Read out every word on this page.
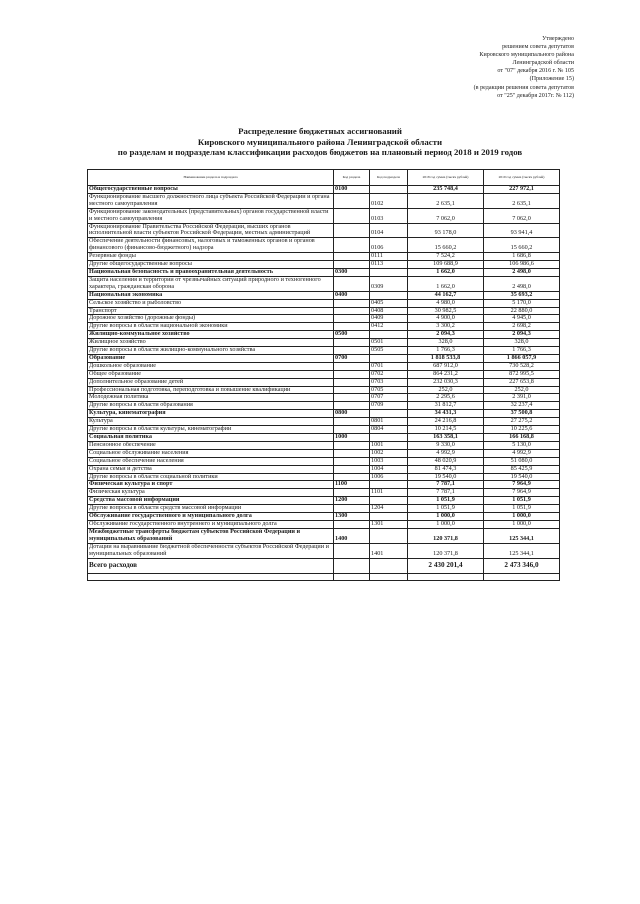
Утверждено
решением совета депутатов
Кировского муниципального района
Ленинградской области
от "07" декабря 2016 г. № 105
(Приложение 15)
(в редакции решения совета депутатов
от "25" декабря 2017г. № 112)
Распределение бюджетных ассигнований
Кировского муниципального района Ленинградской области
по разделам и подразделам классификации расходов бюджетов на плановый период 2018 и 2019 годов
Наименование раздела и подраздела	Код раздела	Код подраздела	2018 год сумма (тысяч рублей)	2019 год сумма (тысяч рублей)
Общегосударственные вопросы	0100		235 748,4	227 972,1
Функционирование высшего должностного лица субъекта Российской Федерации и органа местного самоуправления		0102	2 635,1	2 635,1
Функционирование законодательных (представительных) органов государственной власти и местного самоуправления		0103	7 062,0	7 062,0
Функционирование Правительства Российской Федерации, высших органов исполнительной власти субъектов Российской Федерации, местных администраций		0104	93 178,0	93 941,4
Обеспечение деятельности финансовых, налоговых и таможенных органов и органов финансового (финансово-бюджетного) надзора		0106	15 660,2	15 660,2
Резервные фонды		0111	7 524,2	1 686,8
Другие общегосударственные вопросы		0113	109 688,9	106 986,6
Национальная безопасность и правоохранительная деятельность	0300		1 662,0	2 498,0
Защита населения и территории от чрезвычайных ситуаций природного и техногенного характера, гражданская оборона		0309	1 662,0	2 498,0
Национальная экономика	0400		44 162,7	35 693,2
Сельское хозяйство и рыболовство		0405	4 980,0	5 170,0
Транспорт		0408	30 982,5	22 880,0
Дорожное хозяйство (дорожные фонды)		0409	4 900,0	4 945,0
Другие вопросы в области национальной экономики		0412	3 300,2	2 698,2
Жилищно-коммунальное хозяйство	0500		2 094,3	2 094,3
Жилищное хозяйство		0501	328,0	328,0
Другие вопросы в области жилищно-коммунального хозяйства		0505	1 766,3	1 766,3
Образование	0700		1 818 533,8	1 866 057,9
Дошкольное образование		0701	687 912,0	730 528,2
Общее образование		0702	864 231,2	872 995,5
Дополнительное образование детей		0703	232 030,3	227 653,8
Профессиональная подготовка, переподготовка и повышение квалификации		0705	252,0	252,0
Молодежная политика		0707	2 295,6	2 391,0
Другие вопросы в области образования		0709	31 812,7	32 237,4
Культура, кинематография	0800		34 431,3	37 500,8
Культура		0801	24 216,8	27 275,2
Другие вопросы в области культуры, кинематографии		0804	10 214,5	10 225,6
Социальная политика	1000		163 358,1	166 168,8
Пенсионное обеспечение		1001	9 330,0	5 130,0
Социальное обслуживание населения		1002	4 992,9	4 992,9
Социальное обеспечение населения		1003	48 020,9	51 080,0
Охрана семьи и детства		1004	81 474,3	85 425,9
Другие вопросы в области социальной политики		1006	19 540,0	19 540,0
Физическая культура и спорт	1100		7 787,1	7 964,9
Физическая культура		1101	7 787,1	7 964,9
Средства массовой информации	1200		1 051,9	1 051,9
Другие вопросы в области средств массовой информации		1204	1 051,9	1 051,9
Обслуживание государственного и муниципального долга	1300		1 000,0	1 000,0
Обслуживание государственного внутреннего и муниципального долга		1301	1 000,0	1 000,0
Межбюджетные трансферты бюджетам субъектов Российской Федерации и муниципальных образований	1400		120 371,8	125 344,1
Дотации на выравнивание бюджетной обеспеченности субъектов Российской Федерации и муниципальных образований		1401	120 371,8	125 344,1
Всего расходов			2 430 201,4	2 473 346,0
